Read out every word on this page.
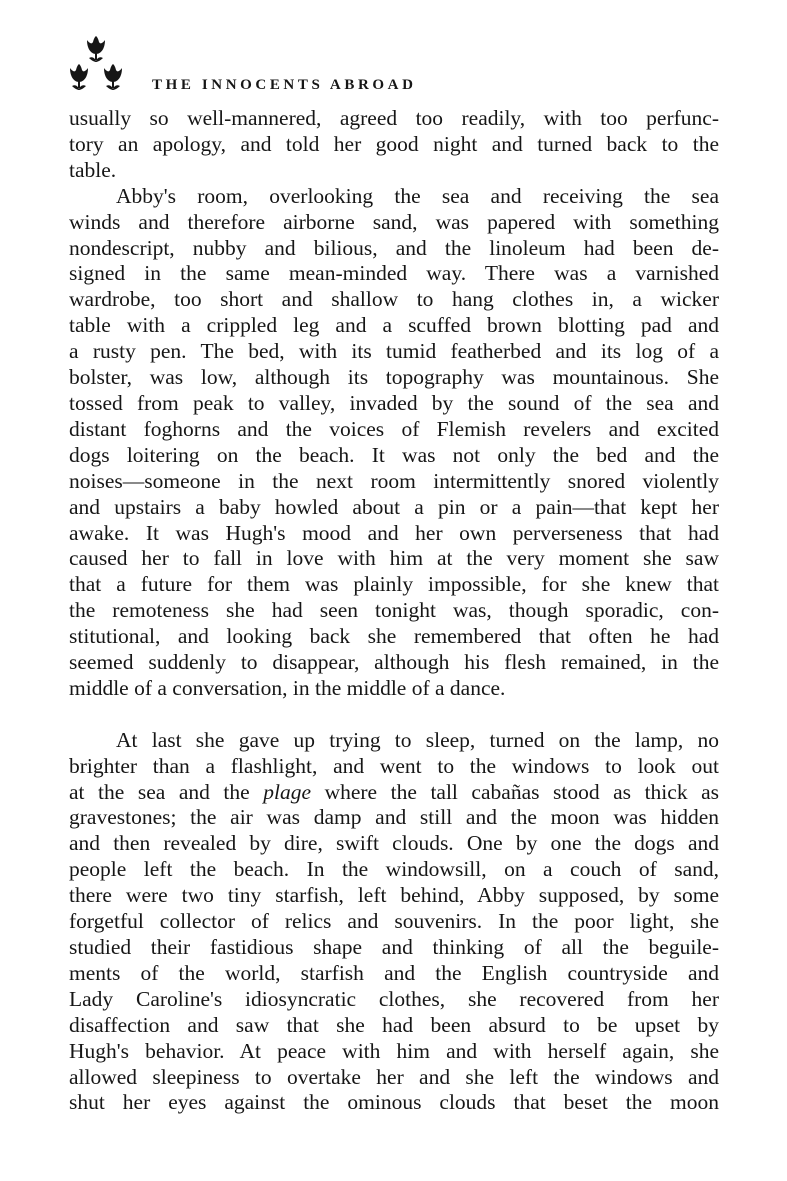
THE INNOCENTS ABROAD

usually so well-mannered, agreed too readily, with too perfunc-
tory an apology, and told her good night and turned back to the
table.

Abby's room, overlooking the sea and receiving the sea
winds and therefore airborne sand, was papered with something
nondescript, nubby and bilious, and the linoleum had been de-
signed in the same mean-minded way. There was a varnished
wardrobe, too short and shallow to hang clothes in, a wicker
table with a crippled leg and a scuffed brown blotting pad and
a rusty pen. The bed, with its tumid featherbed and its log of a
bolster, was low, although its topography was mountainous. She
tossed from peak to valley, invaded by the sound of the sea and
distant foghorns and the voices of Flemish revelers and excited
dogs loitering on the beach. It was not only the bed and the
noises—someone in the next room intermittently snored violently
and upstairs a baby howled about a pin or a pain—that kept her
awake. It was Hugh's mood and her own perverseness that had
caused her to fall in love with him at the very moment she saw
that a future for them was plainly impossible, for she knew that
the remoteness she had seen tonight was, though sporadic, con-
stitutional, and looking back she remembered that often he had
seemed suddenly to disappear, although his flesh remained, in the
middle of a conversation, in the middle of a dance.

At last she gave up trying to sleep, turned on the lamp, no
brighter than a flashlight, and went to the windows to look out
at the sea and the plage where the tall cabañas stood as thick as
gravestones; the air was damp and still and the moon was hidden
and then revealed by dire, swift clouds. One by one the dogs and
people left the beach. In the windowsill, on a couch of sand,
there were two tiny starfish, left behind, Abby supposed, by some
forgetful collector of relics and souvenirs. In the poor light, she
studied their fastidious shape and thinking of all the beguile-
ments of the world, starfish and the English countryside and
Lady Caroline's idiosyncratic clothes, she recovered from her
disaffection and saw that she had been absurd to be upset by
Hugh's behavior. At peace with him and with herself again, she
allowed sleepiness to overtake her and she left the windows and
shut her eyes against the ominous clouds that beset the moon
